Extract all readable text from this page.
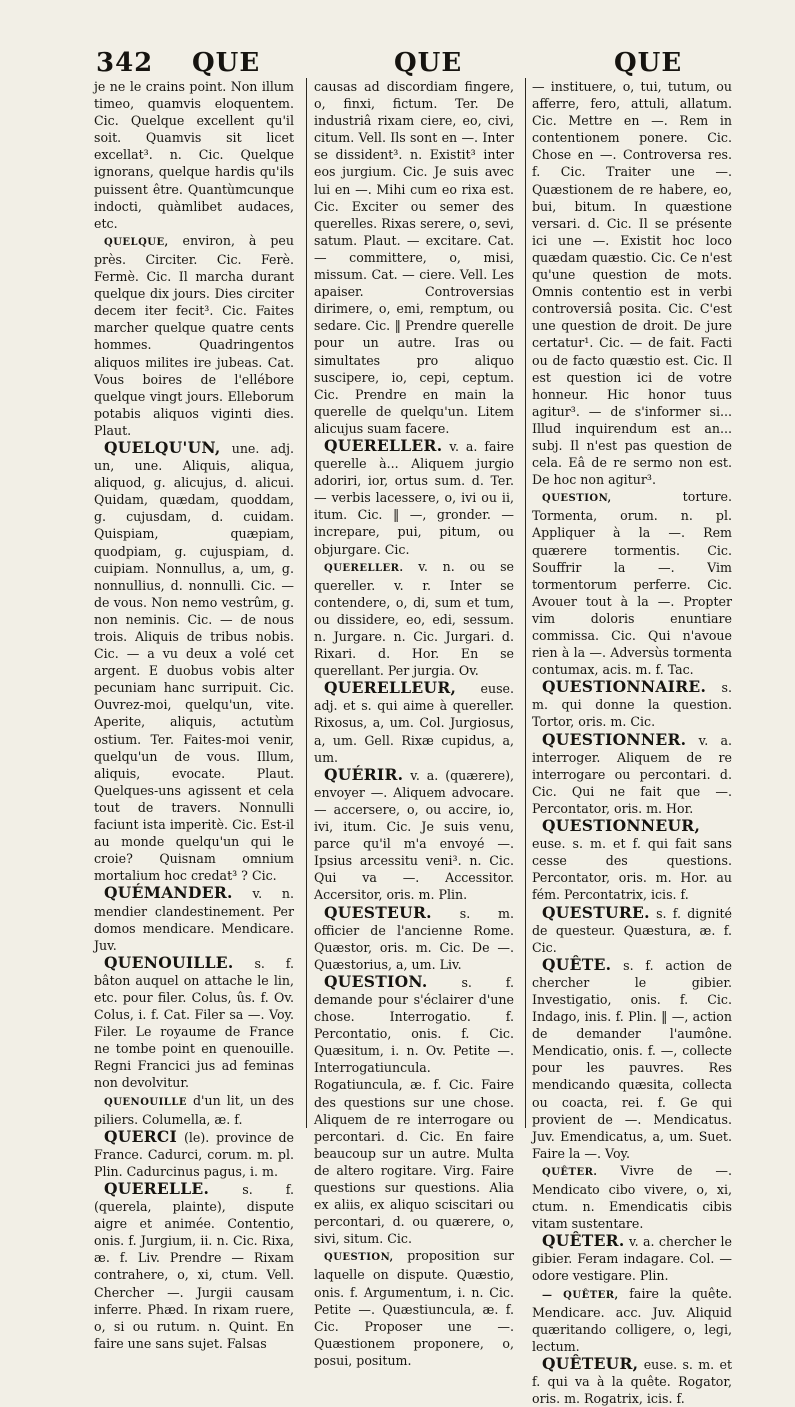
342 QUE	QUE	QUE

je ne le crains point. Non illum timeo, quamvis eloquentem. Cic. Quelque excellent qu'il soit. Quamvis sit licet excellat³. n. Cic. Quelque ignorans, quelque hardis qu'ils puissent être. Quantùmcunque indocti, quàmlibet audaces, etc.

QUELQUE, environ, à peu près. Circiter. Cic. Ferè. Fermè. Cic. Il marcha durant quelque dix jours. Dies circiter decem iter fecit³. Cic. Faites marcher quelque quatre cents hommes. Quadringentos aliquos milites ire jubeas. Cat. Vous boires de l'ellébore quelque vingt jours. Elleborum potabis aliquos viginti dies. Plaut.

QUELQU'UN, une. adj. un, une. Aliquis, aliqua, aliquod, g. alicujus, d. alicui. Quidam, quædam, quoddam, g. cujusdam, d. cuidam. Quispiam, quæpiam, quodpiam, g. cujuspiam, d. cuipiam. Nonnullus, a, um, g. nonnullius, d. nonnulli. Cic. — de vous. Non nemo vestrûm, g. non neminis. Cic. — de nous trois. Aliquis de tribus nobis. Cic. — a vu deux a volé cet argent. E duobus vobis alter pecuniam hanc surripuit. Cic. Ouvrez-moi, quelqu'un, vite. Aperite, aliquis, actutùm ostium. Ter. Faites-moi venir, quelqu'un de vous. Illum, aliquis, evocate. Plaut. Quelques-uns agissent et cela tout de travers. Nonnulli faciunt ista imperitè. Cic. Est-il au monde quelqu'un qui le croie? Quisnam omnium mortalium hoc credat³ ? Cic.

QUÉMANDER. v. n. mendier clandestinement. Per domos mendicare. Mendicare. Juv.

QUENOUILLE. s. f. bâton auquel on attache le lin, etc. pour filer. Colus, ûs. f. Ov. Colus, i. f. Cat. Filer sa —. Voy. Filer. Le royaume de France ne tombe point en quenouille. Regni Francici jus ad feminas non devolvitur.

QUENOUILLE d'un lit, un des piliers. Columella, æ. f.

QUERCI (le). province de France. Cadurci, corum. m. pl. Plin. Cadurcinus pagus, i. m.

QUERELLE. s. f. (querela, plainte), dispute aigre et animée. Contentio, onis. f. Jurgium, ii. n. Cic. Rixa, æ. f. Liv. Prendre — Rixam contrahere, o, xi, ctum. Vell. Chercher —. Jurgii causam inferre. Phæd. In rixam ruere, o, si ou rutum. n. Quint. En faire une sans sujet. Falsas

causas ad discordiam fingere, o, finxi, fictum. Ter. De industriâ rixam ciere, eo, civi, citum. Vell. Ils sont en —. Inter se dissident³. n. Existit³ inter eos jurgium. Cic. Je suis avec lui en —. Mihi cum eo rixa est. Cic. Exciter ou semer des querelles. Rixas serere, o, sevi, satum. Plaut. — excitare. Cat. — committere, o, misi, missum. Cat. — ciere. Vell. Les apaiser. Controversias dirimere, o, emi, remptum, ou sedare. Cic. ‖ Prendre querelle pour un autre. Iras ou simultates pro aliquo suscipere, io, cepi, ceptum. Cic. Prendre en main la querelle de quelqu'un. Litem alicujus suam facere.

QUERELLER. v. a. faire querelle à... Aliquem jurgio adoriri, ior, ortus sum. d. Ter. — verbis lacessere, o, ivi ou ii, itum. Cic. ‖ —, gronder. — increpare, pui, pitum, ou objurgare. Cic.

QUERELLER. v. n. ou se quereller. v. r. Inter se contendere, o, di, sum et tum, ou dissidere, eo, edi, sessum. n. Jurgare. n. Cic. Jurgari. d. Rixari. d. Hor. En se querellant. Per jurgia. Ov.

QUERELLEUR, euse. adj. et s. qui aime à quereller. Rixosus, a, um. Col. Jurgiosus, a, um. Gell. Rixæ cupidus, a, um.

QUÉRIR. v. a. (quærere), envoyer —. Aliquem advocare. — accersere, o, ou accire, io, ivi, itum. Cic. Je suis venu, parce qu'il m'a envoyé —. Ipsius arcessitu veni³. n. Cic. Qui va —. Accessitor. Accersitor, oris. m. Plin.

QUESTEUR. s. m. officier de l'ancienne Rome. Quæstor, oris. m. Cic. De —. Quæstorius, a, um. Liv.

QUESTION. s. f. demande pour s'éclairer d'une chose. Interrogatio. f. Percontatio, onis. f. Cic. Quæsitum, i. n. Ov. Petite —. Interrogatiuncula. Rogatiuncula, æ. f. Cic. Faire des questions sur une chose. Aliquem de re interrogare ou percontari. d. Cic. En faire beaucoup sur un autre. Multa de altero rogitare. Virg. Faire questions sur questions. Alia ex aliis, ex aliquo sciscitari ou percontari, d. ou quærere, o, sivi, situm. Cic.

QUESTION, proposition sur laquelle on dispute. Quæstio, onis. f. Argumentum, i. n. Cic. Petite —. Quæstiuncula, æ. f. Cic. Proposer une —. Quæstionem proponere, o, posui, positum.

— instituere, o, tui, tutum, ou afferre, fero, attuli, allatum. Cic. Mettre en —. Rem in contentionem ponere. Cic. Chose en —. Controversa res. f. Cic. Traiter une —. Quæstionem de re habere, eo, bui, bitum. In quæstione versari. d. Cic. Il se présente ici une —. Existit hoc loco quædam quæstio. Cic. Ce n'est qu'une question de mots. Omnis contentio est in verbi controversiâ posita. Cic. C'est une question de droit. De jure certatur¹. Cic. — de fait. Facti ou de facto quæstio est. Cic. Il est question ici de votre honneur. Hic honor tuus agitur³. — de s'informer si... Illud inquirendum est an... subj. Il n'est pas question de cela. Eâ de re sermo non est. De hoc non agitur³.

QUESTION, torture. Tormenta, orum. n. pl. Appliquer à la —. Rem quærere tormentis. Cic. Souffrir la —. Vim tormentorum perferre. Cic. Avouer tout à la —. Propter vim doloris enuntiare commissa. Cic. Qui n'avoue rien à la —. Adversùs tormenta contumax, acis. m. f. Tac.

QUESTIONNAIRE. s. m. qui donne la question. Tortor, oris. m. Cic.

QUESTIONNER. v. a. interroger. Aliquem de re interrogare ou percontari. d. Cic. Qui ne fait que —. Percontator, oris. m. Hor.

QUESTIONNEUR, euse. s. m. et f. qui fait sans cesse des questions. Percontator, oris. m. Hor. au fém. Percontatrix, icis. f.

QUESTURE. s. f. dignité de questeur. Quæstura, æ. f. Cic.

QUÊTE. s. f. action de chercher le gibier. Investigatio, onis. f. Cic. Indago, inis. f. Plin. ‖ —, action de demander l'aumône. Mendicatio, onis. f. —, collecte pour les pauvres. Res mendicando quæsita, collecta ou coacta, rei. f. Ge qui provient de —. Mendicatus. Juv. Emendicatus, a, um. Suet. Faire la —. Voy.

QUÊTER. Vivre de —. Mendicato cibo vivere, o, xi, ctum. n. Emendicatis cibis vitam sustentare.

QUÊTER. v. a. chercher le gibier. Feram indagare. Col. — odore vestigare. Plin.

— QUÊTER, faire la quête. Mendicare. acc. Juv. Aliquid quæritando colligere, o, legi, lectum.

QUÊTEUR, euse. s. m. et f. qui va à la quête. Rogator, oris. m. Rogatrix, icis. f.
